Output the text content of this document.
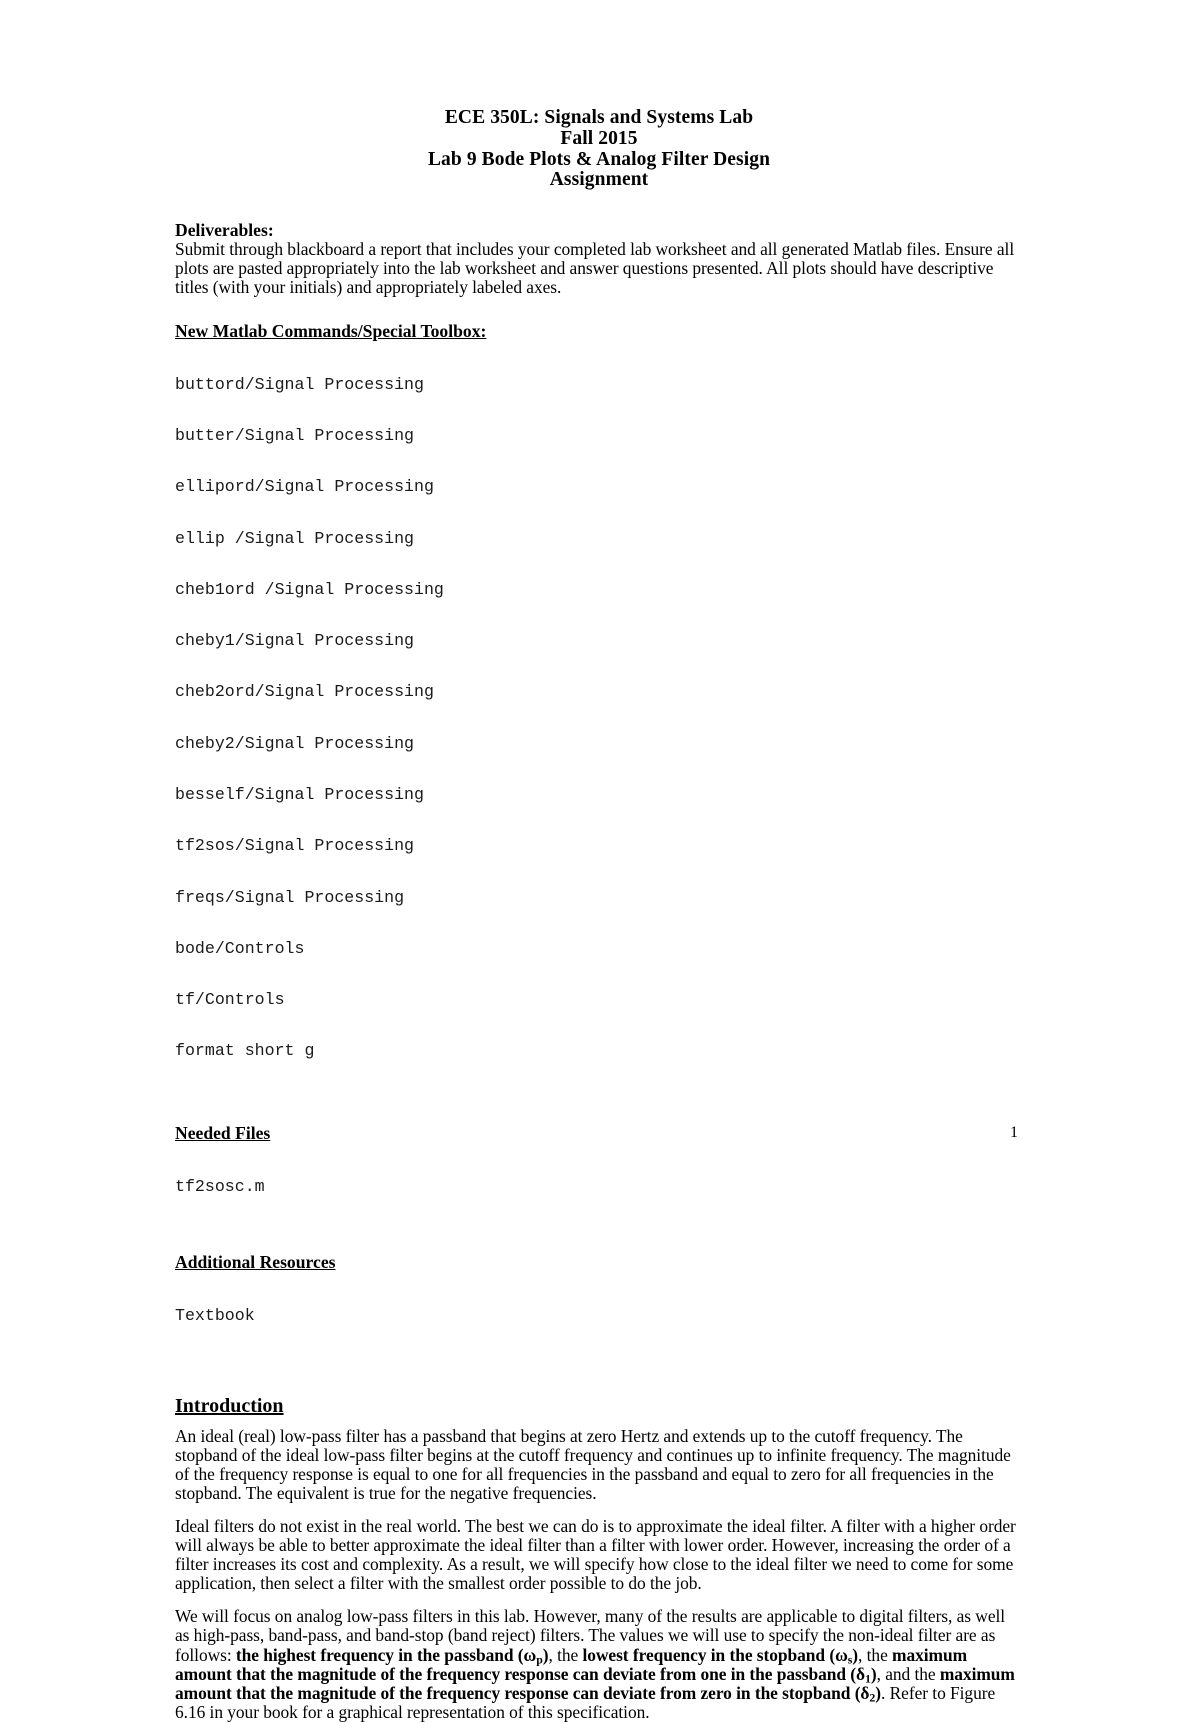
ECE 350L: Signals and Systems Lab
Fall 2015
Lab 9 Bode Plots & Analog Filter Design
Assignment
Deliverables:
Submit through blackboard a report that includes your completed lab worksheet and all generated Matlab files. Ensure all plots are pasted appropriately into the lab worksheet and answer questions presented. All plots should have descriptive titles (with your initials) and appropriately labeled axes.
New Matlab Commands/Special Toolbox:

buttord/Signal Processing

butter/Signal Processing

ellipord/Signal Processing

ellip /Signal Processing

cheb1ord /Signal Processing

cheby1/Signal Processing

cheb2ord/Signal Processing

cheby2/Signal Processing

besself/Signal Processing

tf2sos/Signal Processing

freqs/Signal Processing

bode/Controls

tf/Controls

format short g

Needed Files

tf2sosc.m

Additional Resources

Textbook

Introduction
An ideal (real) low-pass filter has a passband that begins at zero Hertz and extends up to the cutoff frequency. The stopband of the ideal low-pass filter begins at the cutoff frequency and continues up to infinite frequency. The magnitude of the frequency response is equal to one for all frequencies in the passband and equal to zero for all frequencies in the stopband. The equivalent is true for the negative frequencies.
Ideal filters do not exist in the real world. The best we can do is to approximate the ideal filter. A filter with a higher order will always be able to better approximate the ideal filter than a filter with lower order. However, increasing the order of a filter increases its cost and complexity. As a result, we will specify how close to the ideal filter we need to come for some application, then select a filter with the smallest order possible to do the job.
We will focus on analog low-pass filters in this lab. However, many of the results are applicable to digital filters, as well as high-pass, band-pass, and band-stop (band reject) filters. The values we will use to specify the non-ideal filter are as follows: the highest frequency in the passband $(\omega_p)$, the lowest frequency in the stopband $(\omega_s)$, the maximum amount that the magnitude of the frequency response can deviate from one in the passband $(\delta_1)$, and the maximum amount that the magnitude of the frequency response can deviate from zero in the stopband $(\delta_2)$. Refer to Figure 6.16 in your book for a graphical representation of this specification.
1
